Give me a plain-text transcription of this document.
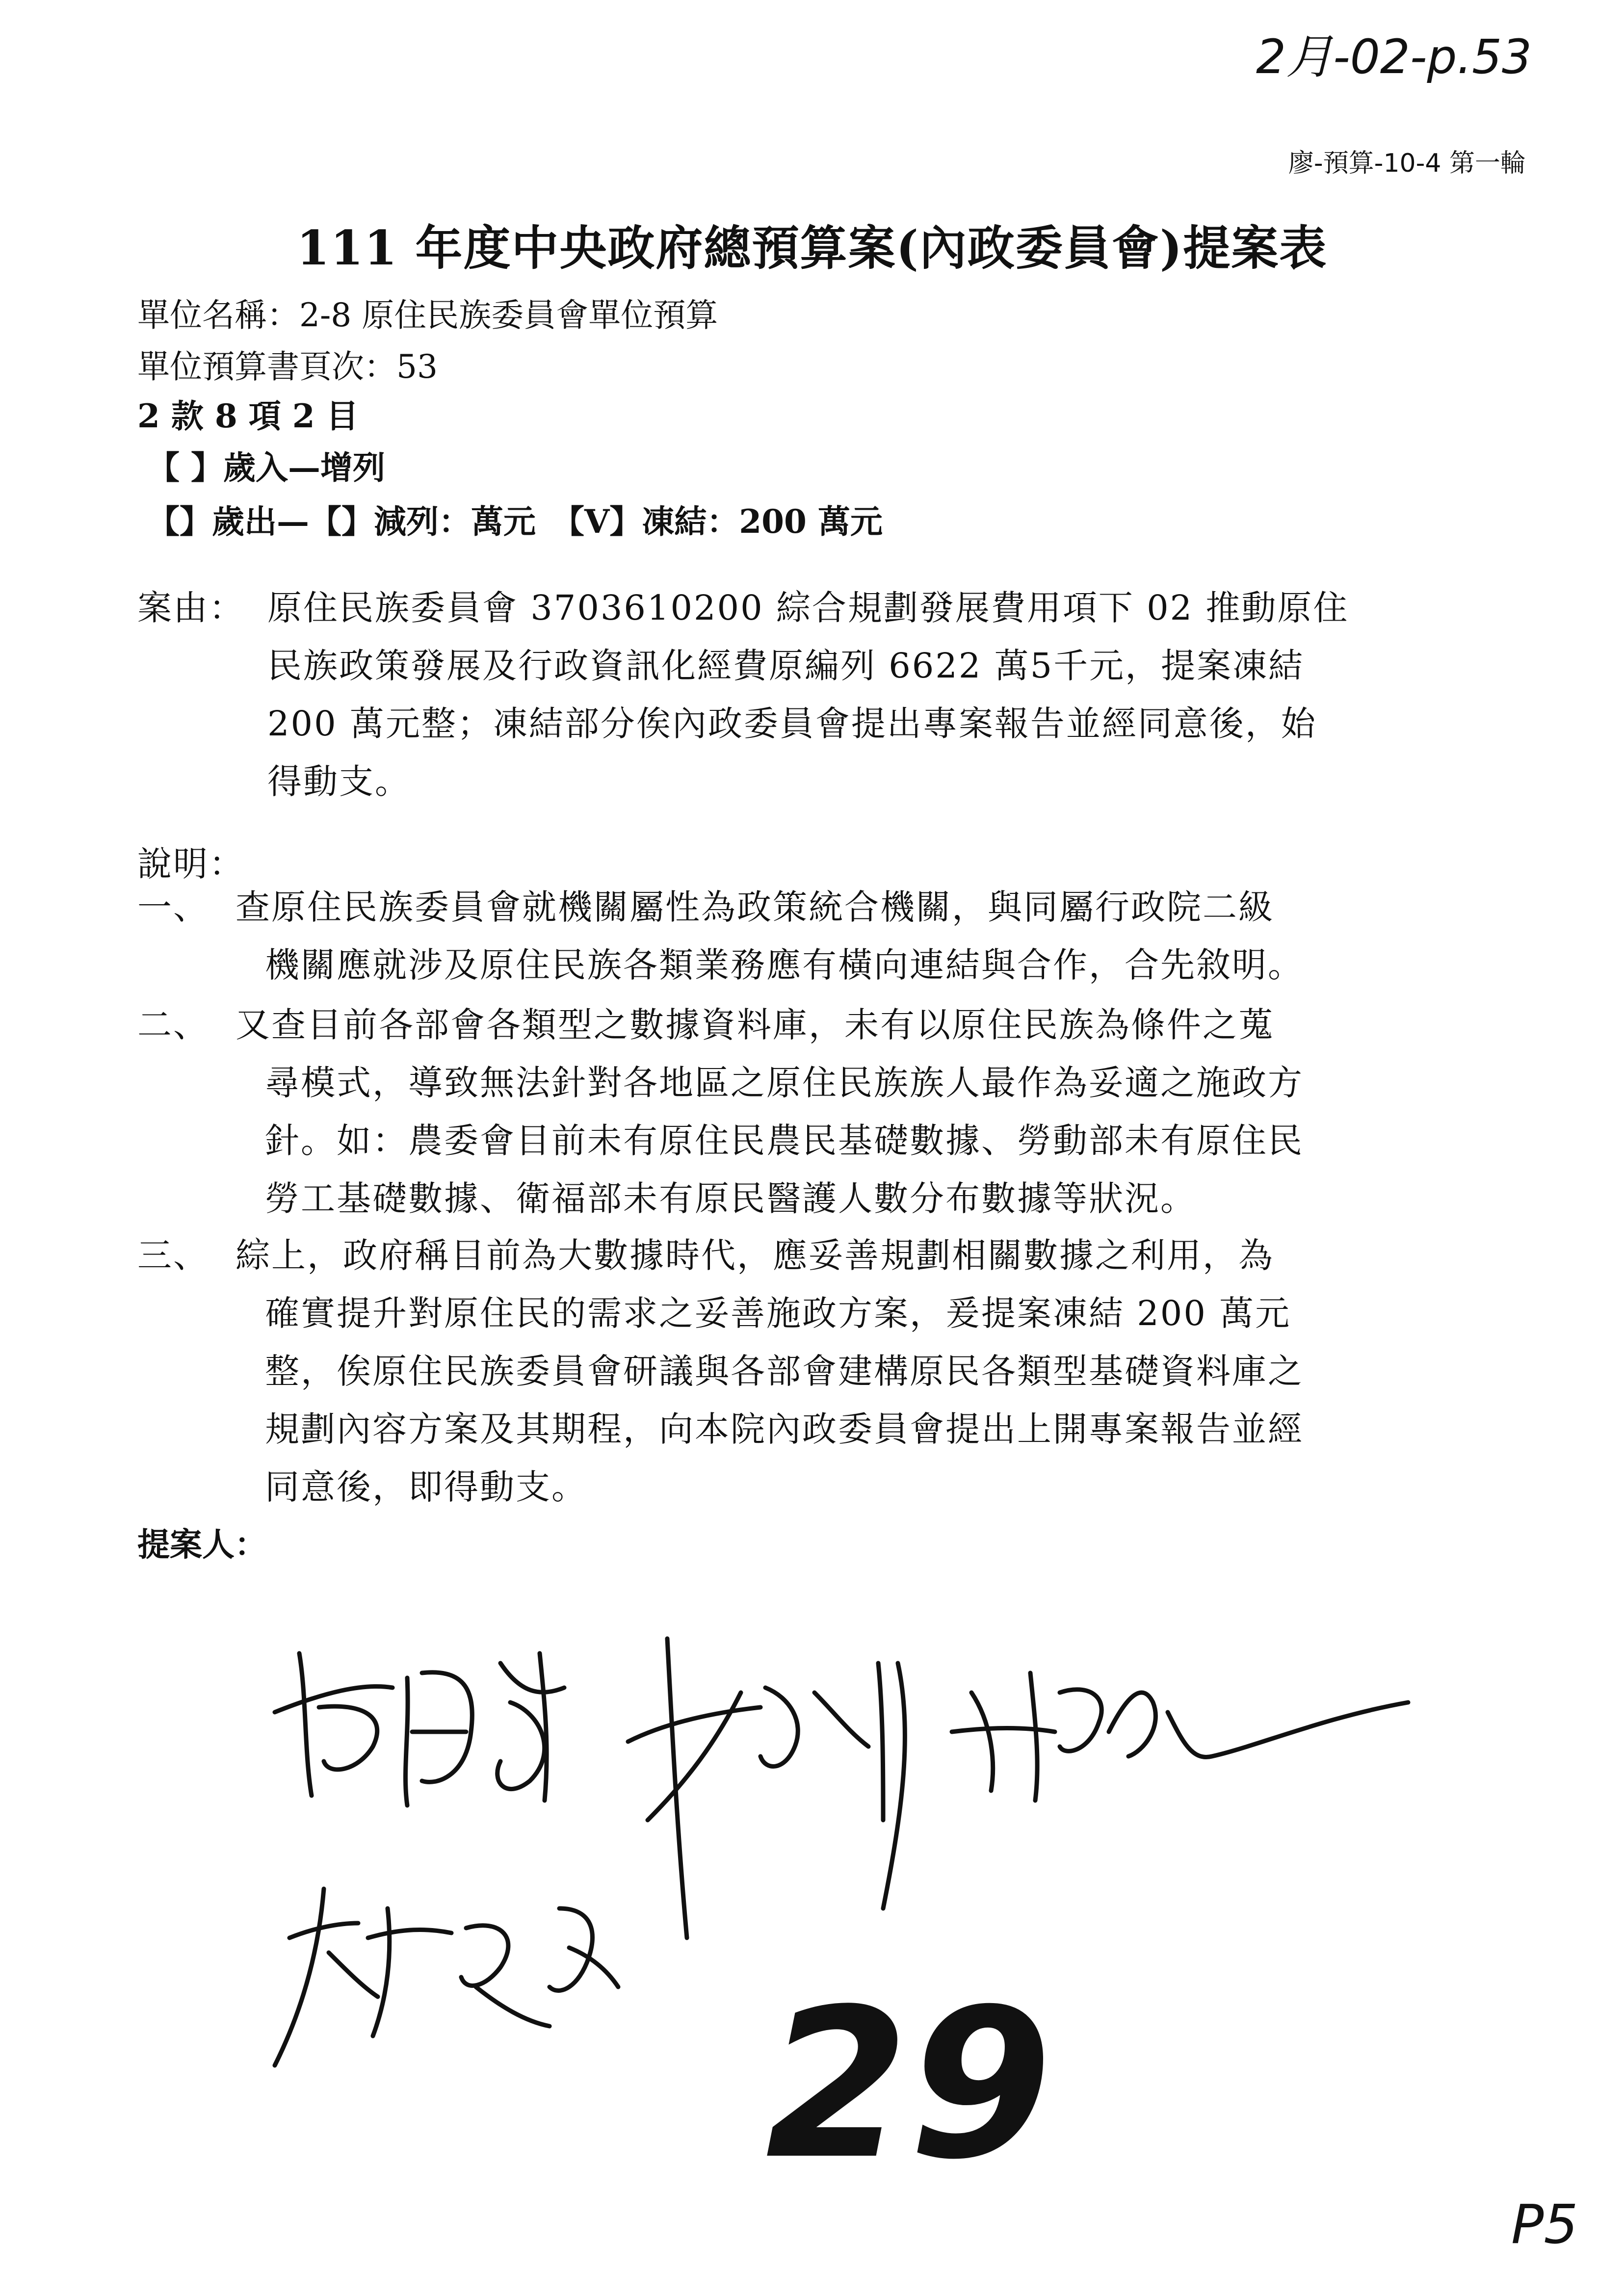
2月-02-p.53
廖-預算-10-4 第一輪
111 年度中央政府總預算案(內政委員會)提案表
單位名稱：2-8 原住民族委員會單位預算
單位預算書頁次：53
2 款 8 項 2 目
【 】歲入—增列
【】歲出—【】減列：萬元　【V】凍結：200 萬元
案由： 原住民族委員會 3703610200 綜合規劃發展費用項下 02 推動原住
民族政策發展及行政資訊化經費原編列 6622 萬5千元，提案凍結
200 萬元整；凍結部分俟內政委員會提出專案報告並經同意後，始
得動支。
說明：
一、 查原住民族委員會就機關屬性為政策統合機關，與同屬行政院二級
機關應就涉及原住民族各類業務應有橫向連結與合作，合先敘明。
二、 又查目前各部會各類型之數據資料庫，未有以原住民族為條件之蒐
尋模式，導致無法針對各地區之原住民族族人最作為妥適之施政方
針。如：農委會目前未有原住民農民基礎數據、勞動部未有原住民
勞工基礎數據、衛福部未有原民醫護人數分布數據等狀況。
三、 綜上，政府稱目前為大數據時代，應妥善規劃相關數據之利用，為
確實提升對原住民的需求之妥善施政方案，爰提案凍結 200 萬元
整，俟原住民族委員會研議與各部會建構原民各類型基礎資料庫之
規劃內容方案及其期程，向本院內政委員會提出上開專案報告並經
同意後，即得動支。
提案人：
29
P5
